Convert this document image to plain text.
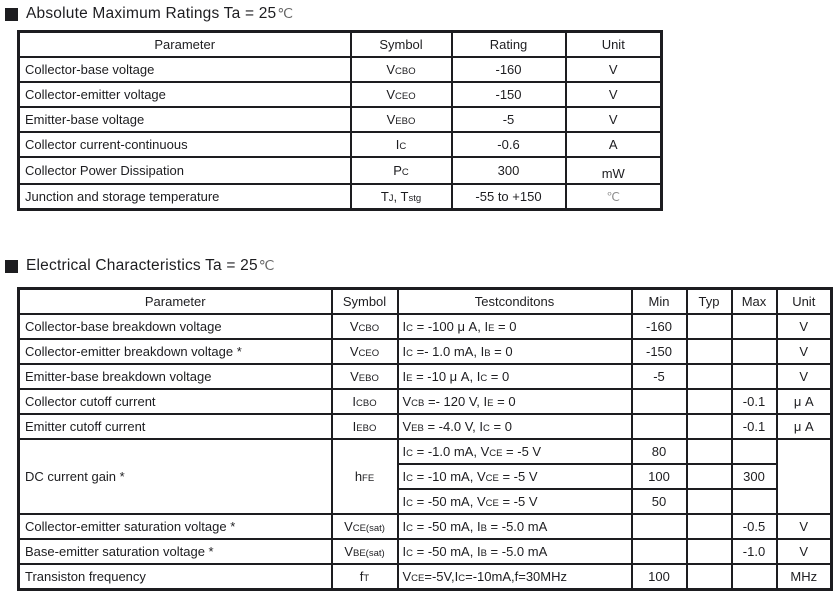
Absolute Maximum Ratings Ta = 25℃
Parameter	Symbol	Rating	Unit
Collector-base voltage	VCBO	-160	V
Collector-emitter voltage	VCEO	-150	V
Emitter-base voltage	VEBO	-5	V
Collector current-continuous	IC	-0.6	A
Collector Power Dissipation	PC	300	mW
Junction and storage temperature	TJ, Tstg	-55 to +150	℃
Electrical Characteristics Ta = 25℃
Parameter	Symbol	Testconditons	Min	Typ	Max	Unit
Collector-base breakdown voltage	VCBO	IC = -100 μ A, IE = 0	-160			V
Collector-emitter breakdown voltage *	VCEO	IC =- 1.0 mA, IB = 0	-150			V
Emitter-base breakdown voltage	VEBO	IE = -10 μ A, IC = 0	-5			V
Collector cutoff current	ICBO	VCB =- 120 V, IE = 0			-0.1	μ A
Emitter cutoff current	IEBO	VEB = -4.0 V, IC = 0			-0.1	μ A
DC current gain *	hFE	IC = -1.0 mA, VCE = -5 V	80			
		IC = -10 mA, VCE = -5 V	100		300	
		IC = -50 mA, VCE = -5 V	50			
Collector-emitter saturation voltage *	VCE(sat)	IC = -50 mA, IB = -5.0 mA			-0.5	V
Base-emitter saturation voltage *	VBE(sat)	IC = -50 mA, IB = -5.0 mA			-1.0	V
Transiston frequency	fT	VCE=-5V,IC=-10mA,f=30MHz	100			MHz
